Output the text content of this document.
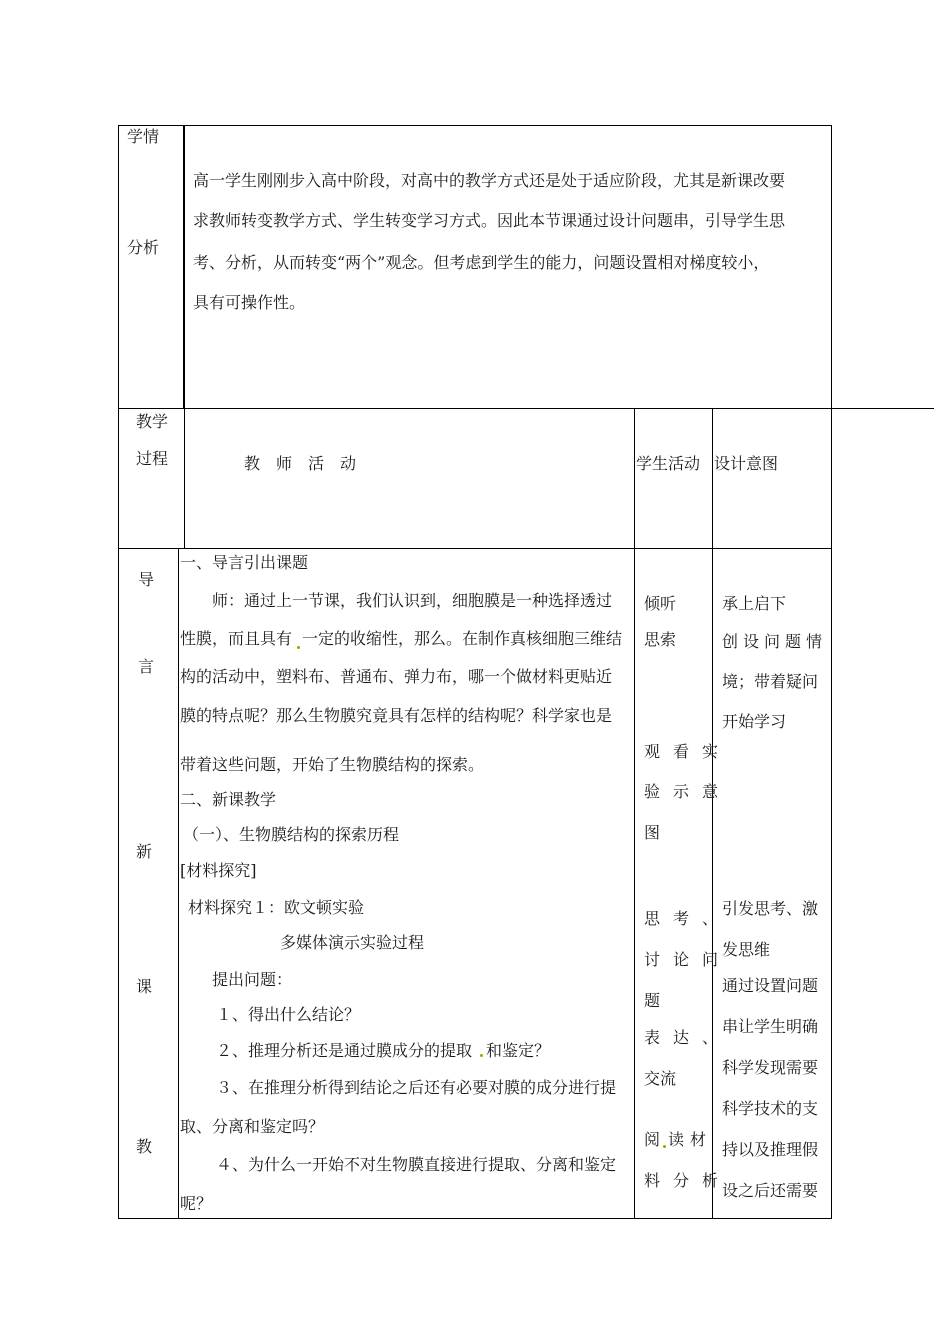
学情
分析
高一学生刚刚步入高中阶段，对高中的教学方式还是处于适应阶段，尤其是新课改要
求教师转变教学方式、学生转变学习方式。因此本节课通过设计问题串，引导学生思
考、分析，从而转变“两个”观念。但考虑到学生的能力，问题设置相对梯度较小，
具有可操作性。
教学
过程	教　师　活　动	学生活动 设计意图
导
言
新
课
教
一、导言引出课题
师：通过上一节课，我们认识到，细胞膜是一种选择透过
性膜，而且具有 一定的收缩性，那么。在制作真核细胞三维结
构的活动中，塑料布、普通布、弹力布，哪一个做材料更贴近
膜的特点呢？那么生物膜究竟具有怎样的结构呢？科学家也是
带着这些问题，开始了生物膜结构的探索。
二、新课教学
（一）、生物膜结构的探索历程
[材料探究]
材料探究１：欧文顿实验
多媒体演示实验过程
提出问题：
１、得出什么结论？
２、推理分析还是通过膜成分的提取 和鉴定？
３、在推理分析得到结论之后还有必要对膜的成分进行提
取、分离和鉴定吗？
４、为什么一开始不对生物膜直接进行提取、分离和鉴定
呢？
倾听
思索
观看实
验示意
图
思考、
讨论问
题
表达、
交流
阅 读材
料分析
承上启下
创设问题情
境；带着疑问
开始学习
引发思考、激
发思维
通过设置问题
串让学生明确
科学发现需要
科学技术的支
持以及推理假
设之后还需要
